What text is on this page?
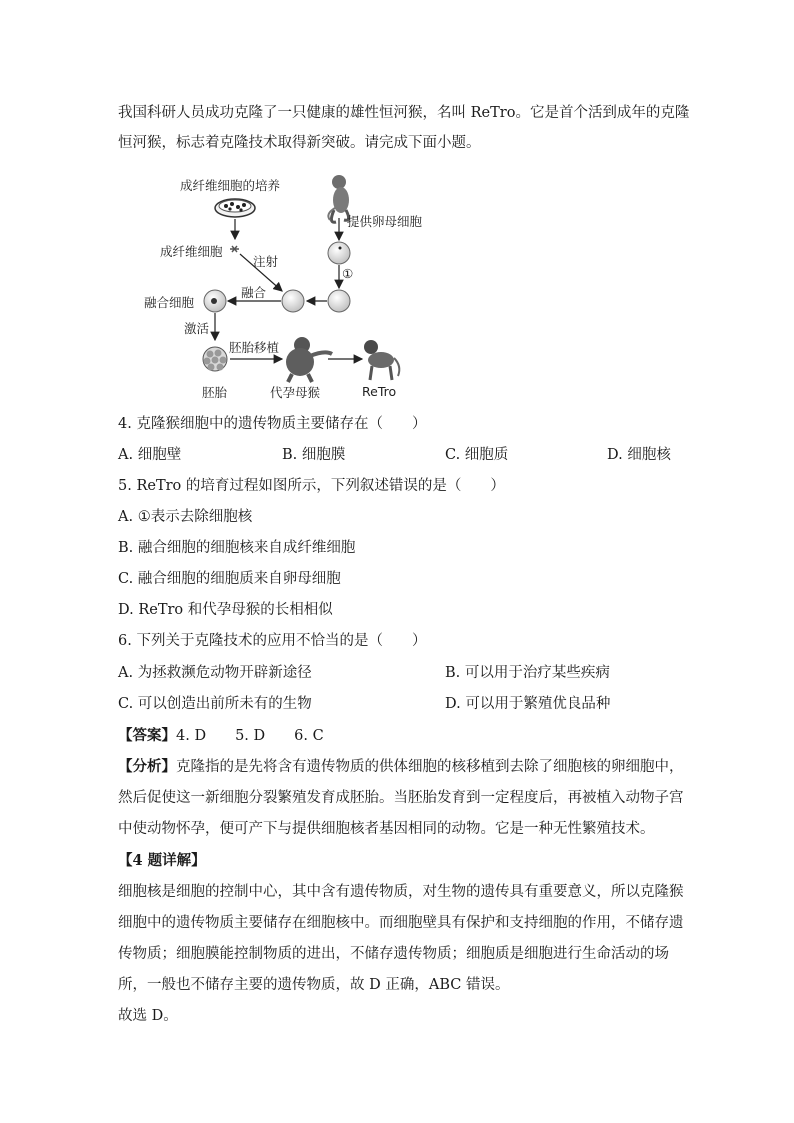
我国科研人员成功克隆了一只健康的雄性恒河猴，名叫 ReTro。它是首个活到成年的克隆
恒河猴，标志着克隆技术取得新突破。请完成下面小题。
成纤维细胞的培养
提供卵母细胞
成纤维细胞
注射
①
融合
融合细胞
激活
胚胎移植
胚胎	代孕母猴	ReTro
4. 克隆猴细胞中的遗传物质主要储存在（　　）
A. 细胞壁	B. 细胞膜	C. 细胞质	D. 细胞核
5. ReTro 的培育过程如图所示，下列叙述错误的是（　　）
A. ①表示去除细胞核
B. 融合细胞的细胞核来自成纤维细胞
C. 融合细胞的细胞质来自卵母细胞
D. ReTro 和代孕母猴的长相相似
6. 下列关于克隆技术的应用不恰当的是（　　）
A. 为拯救濒危动物开辟新途径	B. 可以用于治疗某些疾病
C. 可以创造出前所未有的生物	D. 可以用于繁殖优良品种
【答案】4. D　　5. D　　6. C
【分析】克隆指的是先将含有遗传物质的供体细胞的核移植到去除了细胞核的卵细胞中，
然后促使这一新细胞分裂繁殖发育成胚胎。当胚胎发育到一定程度后，再被植入动物子宫
中使动物怀孕，便可产下与提供细胞核者基因相同的动物。它是一种无性繁殖技术。
【4 题详解】
细胞核是细胞的控制中心，其中含有遗传物质，对生物的遗传具有重要意义，所以克隆猴
细胞中的遗传物质主要储存在细胞核中。而细胞壁具有保护和支持细胞的作用，不储存遗
传物质；细胞膜能控制物质的进出，不储存遗传物质；细胞质是细胞进行生命活动的场
所，一般也不储存主要的遗传物质，故 D 正确，ABC 错误。
故选 D。
